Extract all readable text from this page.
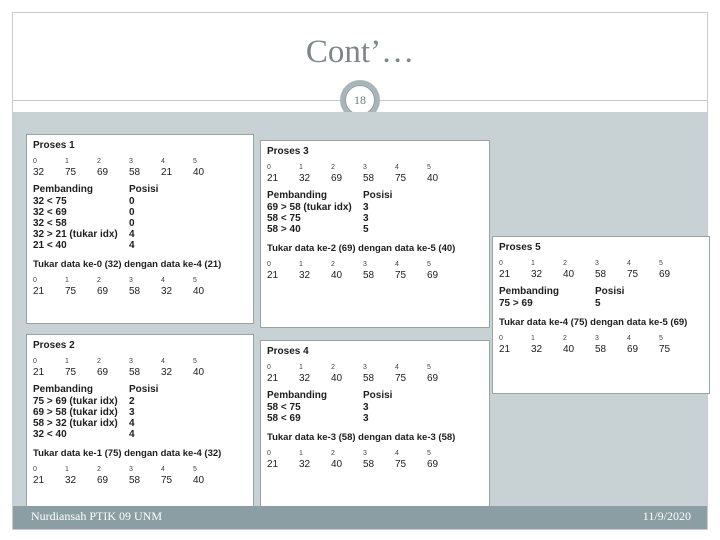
Cont’…
18
Proses 1
0	1	2	3	4	5
32	75	69	58	21	40
Pembanding	Posisi
32 < 75	0
32 < 69	0
32 < 58	0
32 > 21 (tukar idx)	4
21 < 40	4
Tukar data ke-0 (32) dengan data ke-4 (21)
0	1	2	3	4	5
21	75	69	58	32	40
Proses 2
0	1	2	3	4	5
21	75	69	58	32	40
Pembanding	Posisi
75 > 69 (tukar idx)	2
69 > 58 (tukar idx)	3
58 > 32 (tukar idx)	4
32 < 40	4
Tukar data ke-1 (75) dengan data ke-4 (32)
0	1	2	3	4	5
21	32	69	58	75	40
Proses 3
0	1	2	3	4	5
21	32	69	58	75	40
Pembanding	Posisi
69 > 58 (tukar idx)	3
58 < 75	3
58 > 40	5
Tukar data ke-2 (69) dengan data ke-5 (40)
0	1	2	3	4	5
21	32	40	58	75	69
Proses 4
0	1	2	3	4	5
21	32	40	58	75	69
Pembanding	Posisi
58 < 75	3
58 < 69	3
Tukar data ke-3 (58) dengan data ke-3 (58)
0	1	2	3	4	5
21	32	40	58	75	69
Proses 5
0	1	2	3	4	5
21	32	40	58	75	69
Pembanding	Posisi
75 > 69	5
Tukar data ke-4 (75) dengan data ke-5 (69)
0	1	2	3	4	5
21	32	40	58	69	75
Nurdiansah PTIK 09 UNM	11/9/2020
